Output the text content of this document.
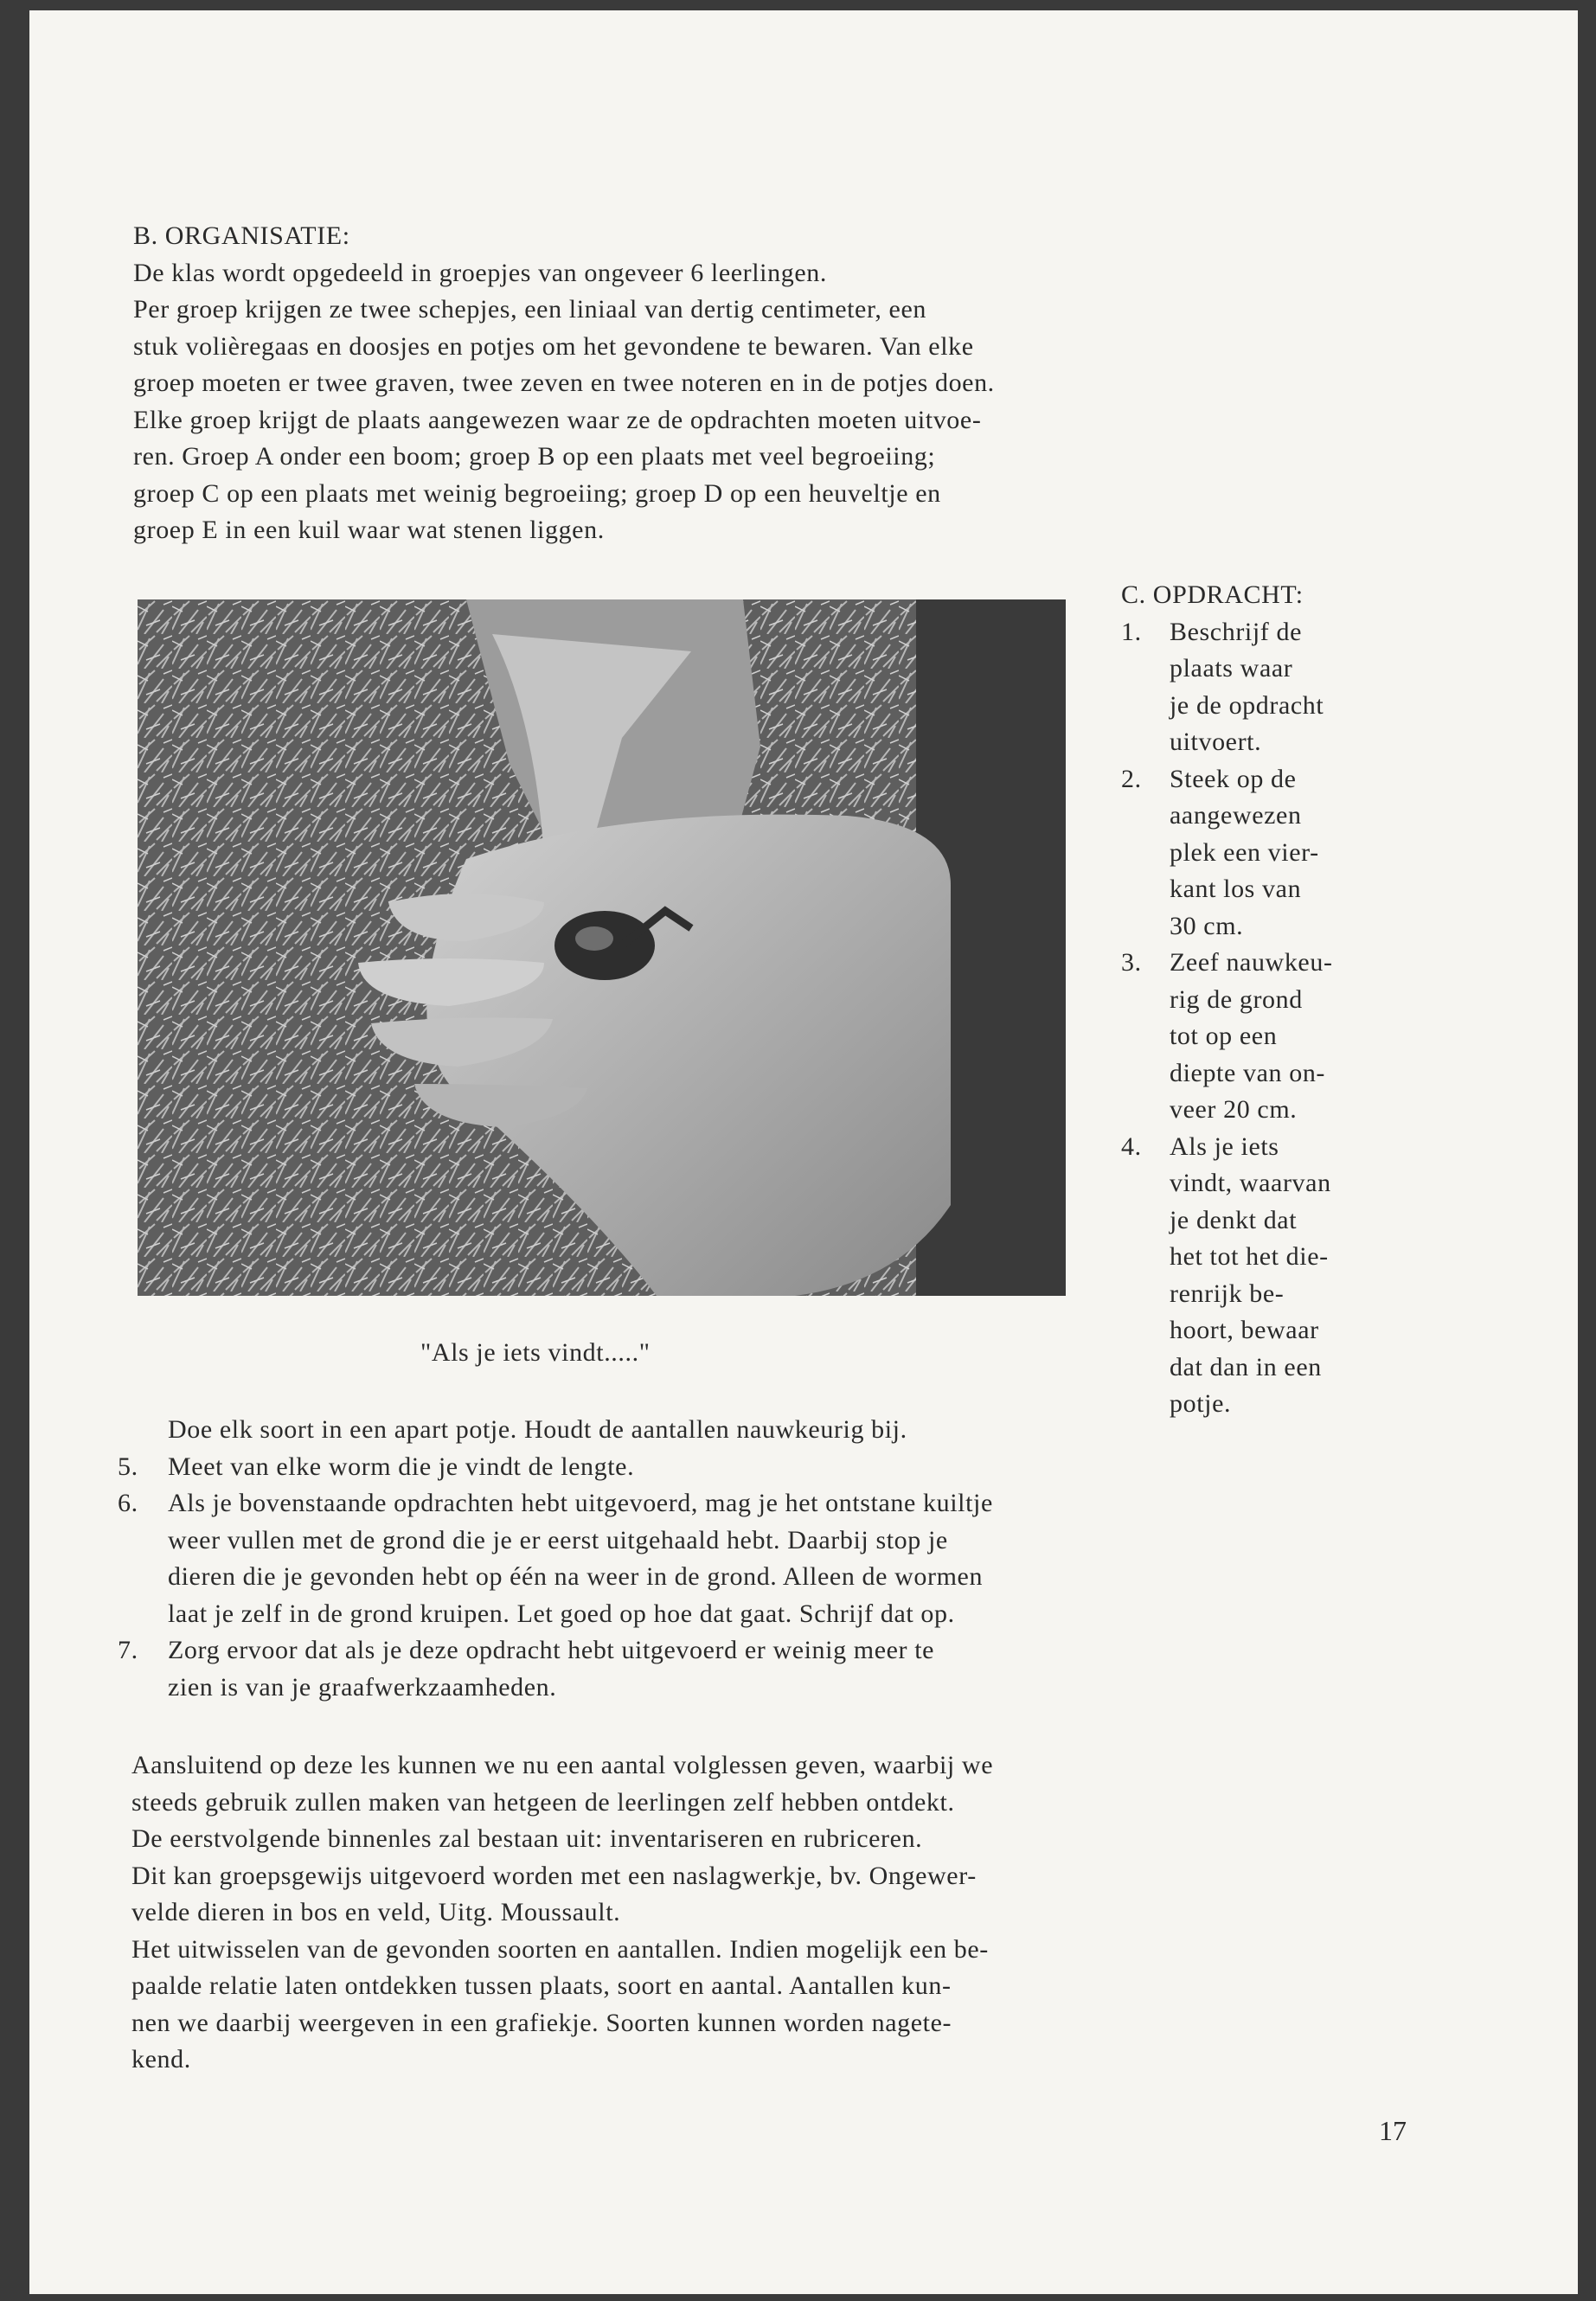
B. ORGANISATIE:
De klas wordt opgedeeld in groepjes van ongeveer 6 leerlingen.
Per groep krijgen ze twee schepjes, een liniaal van dertig centimeter, een
stuk volièregaas en doosjes en potjes om het gevondene te bewaren. Van elke
groep moeten er twee graven, twee zeven en twee noteren en in de potjes doen.
Elke groep krijgt de plaats aangewezen waar ze de opdrachten moeten uitvoe-
ren. Groep A onder een boom; groep B op een plaats met veel begroeiing;
groep C op een plaats met weinig begroeiing; groep D op een heuveltje en
groep E in een kuil waar wat stenen liggen.
"Als je iets vindt....."
C. OPDRACHT:
1. Beschrijf de
plaats waar
je de opdracht
uitvoert.
2. Steek op de
aangewezen
plek een vier-
kant los van
30 cm.
3. Zeef nauwkeu-
rig de grond
tot op een
diepte van on-
veer 20 cm.
4. Als je iets
vindt, waarvan
je denkt dat
het tot het die-
renrijk be-
hoort, bewaar
dat dan in een
potje.
Doe elk soort in een apart potje. Houdt de aantallen nauwkeurig bij.
5. Meet van elke worm die je vindt de lengte.
6. Als je bovenstaande opdrachten hebt uitgevoerd, mag je het ontstane kuiltje
weer vullen met de grond die je er eerst uitgehaald hebt. Daarbij stop je
dieren die je gevonden hebt op één na weer in de grond. Alleen de wormen
laat je zelf in de grond kruipen. Let goed op hoe dat gaat. Schrijf dat op.
7. Zorg ervoor dat als je deze opdracht hebt uitgevoerd er weinig meer te
zien is van je graafwerkzaamheden.
Aansluitend op deze les kunnen we nu een aantal volglessen geven, waarbij we
steeds gebruik zullen maken van hetgeen de leerlingen zelf hebben ontdekt.
De eerstvolgende binnenles zal bestaan uit: inventariseren en rubriceren.
Dit kan groepsgewijs uitgevoerd worden met een naslagwerkje, bv. Ongewer-
velde dieren in bos en veld, Uitg. Moussault.
Het uitwisselen van de gevonden soorten en aantallen. Indien mogelijk een be-
paalde relatie laten ontdekken tussen plaats, soort en aantal. Aantallen kun-
nen we daarbij weergeven in een grafiekje. Soorten kunnen worden nagete-
kend.
17
